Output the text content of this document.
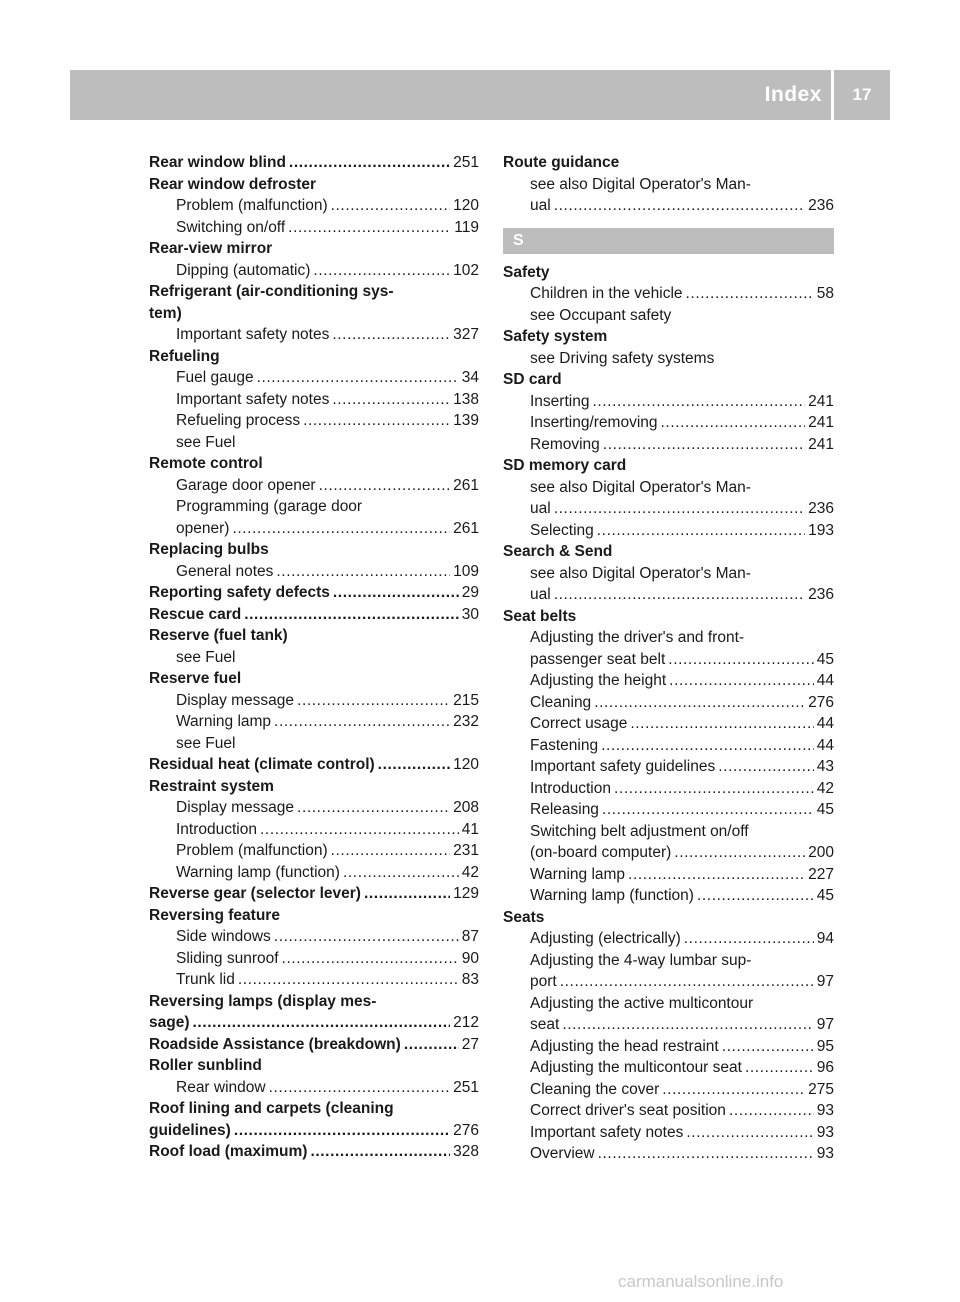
Index	17
Rear window blind .....	251
Rear window defroster
Problem (malfunction) .....	120
Switching on/off .....	119
Rear-view mirror
Dipping (automatic) .....	102
Refrigerant (air-conditioning sys-
tem)
Important safety notes .....	327
Refueling
Fuel gauge .....	34
Important safety notes .....	138
Refueling process .....	139
see Fuel
Remote control
Garage door opener .....	261
Programming (garage door
opener) .....	261
Replacing bulbs
General notes .....	109
Reporting safety defects .....	29
Rescue card .....	30
Reserve (fuel tank)
see Fuel
Reserve fuel
Display message .....	215
Warning lamp .....	232
see Fuel
Residual heat (climate control) .....	120
Restraint system
Display message .....	208
Introduction .....	41
Problem (malfunction) .....	231
Warning lamp (function) .....	42
Reverse gear (selector lever) .....	129
Reversing feature
Side windows .....	87
Sliding sunroof .....	90
Trunk lid .....	83
Reversing lamps (display mes-
sage) .....	212
Roadside Assistance (breakdown) .....	27
Roller sunblind
Rear window .....	251
Roof lining and carpets (cleaning
guidelines) .....	276
Roof load (maximum) .....	328
Route guidance
see also Digital Operator's Man-
ual .....	236
S
Safety
Children in the vehicle .....	58
see Occupant safety
Safety system
see Driving safety systems
SD card
Inserting .....	241
Inserting/removing .....	241
Removing .....	241
SD memory card
see also Digital Operator's Man-
ual .....	236
Selecting .....	193
Search & Send
see also Digital Operator's Man-
ual .....	236
Seat belts
Adjusting the driver's and front-
passenger seat belt .....	45
Adjusting the height .....	44
Cleaning .....	276
Correct usage .....	44
Fastening .....	44
Important safety guidelines .....	43
Introduction .....	42
Releasing .....	45
Switching belt adjustment on/off
(on-board computer) .....	200
Warning lamp .....	227
Warning lamp (function) .....	45
Seats
Adjusting (electrically) .....	94
Adjusting the 4-way lumbar sup-
port .....	97
Adjusting the active multicontour
seat .....	97
Adjusting the head restraint .....	95
Adjusting the multicontour seat .....	96
Cleaning the cover .....	275
Correct driver's seat position .....	93
Important safety notes .....	93
Overview .....	93
carmanualsonline.info
